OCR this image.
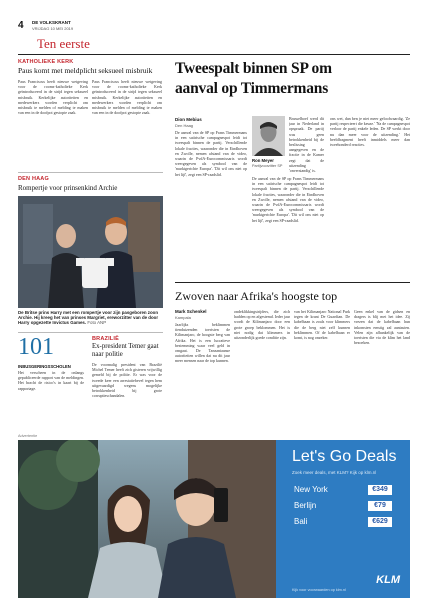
4 DE VOLKSKRANT
VRIJDAG 10 MEI 2019
Ten eerste
KATHOLIEKE KERK
Paus komt met meldplicht seksueel misbruik
Paus Franciscus heeft nieuwe wetgeving voor de rooms-katholieke Kerk geïntroduceerd in de strijd tegen seksueel misbruik. Kerkelijke autoriteiten en medewerkers worden verplicht om misbruik te melden of melding te maken van een in de doofpot gestopte zaak.
Paus Franciscus heeft nieuwe wetgeving voor de rooms-katholieke Kerk geïntroduceerd in de strijd tegen seksueel misbruik. Kerkelijke autoriteiten en medewerkers worden verplicht om misbruik te melden of melding te maken van een in de doofpot gestopte zaak.
DEN HAAG
Rompertje voor prinsenkind Archie
De Britse prins Harry met een rompertje voor zijn pasgeboren zoon Archie. Hij kreeg het van prinses Margriet, ereworzitter van de door Harry opgezette Invictus Games. Foto ANP
Tweespalt binnen SP om
aanval op Timmermans
Dion Mebius
Den Haag
De aanval van de SP op Frans Timmermans in een satirische campagnespot leidt tot tweespalt binnen de partij. Verschillende lokale fracties, waaronder die in Eindhoven en Zwolle, nemen afstand van de video, waarin de PvdA-Eurocommissaris wordt weergegeven als symbool van de 'marktgerichte Europa'. 'Dit wil ons niet op het lijf', zegt een SP-raadslid.
Ron Meyer
Partijvoorzitter SP
De aanval van de SP op Frans Timmermans in een satirische campagnespot leidt tot tweespalt binnen de partij. Verschillende lokale fracties, waaronder die in Eindhoven en Zwolle, nemen afstand van de video, waarin de PvdA-Eurocommissaris wordt weergegeven als symbool van de 'marktgerichte Europa'. 'Dit wil ons niet op het lijf', zegt een SP-raadslid.
Brusselboef werd dit jaar in Nederland in opspraak. De partij was geen betrokkenheid bij de beslissing aangegeven en de fractie in de Kamer zegt dat de uitzending 'onverstandig' is.
ons wet, dan ben je niet meer geloofwaardig. 'Ze partij respecteert die keuze.' 'Na de campagnespot verloor de partij enkele leden. De SP werkt door nu dan meer voor de uitzending.' Het beeldfragment heeft inmiddels meer dan tweehonderd reacties.
Zwoven naar Afrika's hoogste top
Mark Schenkel
Kampala
Jaarlijks beklimmen tienduizenden toeristen de Kilimanjaro, de hoogste berg van Afrika. Het is een lucratieve bestemming waar veel geld in omgaat. De Tanzaniaanse autoriteiten willen dat nu dit jaar meer mensen naar de top kunnen.
ondeklikkingstrijders, die zich hadden op en afgestemd. Ieder jaar wordt de Kilimanjaro door een grote groep beklommen. Het is niet nodig dat klimmers in uitzonderlijk goede conditie zijn.
van het Kilimanjaro National Park tegen de krant De Guardian. De kabelbaan is zoals voor klimmers die de berg niet zelf kunnen beklimmen. Of de kabelbaan er komt, is nog onzeker.
Geen enkel van de gidsen en dragers is blij met het idee. Zij vrezen dat de kabelbaan hun inkomsten ernstig zal aantasten. Velen zijn afhankelijk van de toeristen die via de klim het land bezoeken.
101
INBUSGERINGSSCHOLEN
Het verscheen in de onlangs gepubliceerde rapport van de meldingen. Het bracht de risico's in kaart bij de rapportage.
BRAZILIË
Ex-president Temer gaat naar politie
De voormalig president van Brazilië Michel Temer heeft zich gisteren vrijwillig gemeld bij de politie. Er was voor de tweede keer een arrestatiebevel tegen hem uitgevaardigd wegens mogelijke betrokkenheid bij grote corruptieschandalen.
Advertentie
Let's Go Deals
Zoek meer deals, met KLM? Kijk op klm.nl
New York	€349
Berlijn	€79
Bali	€629
KLM
Kijk voor voorwaarden op klm.nl
